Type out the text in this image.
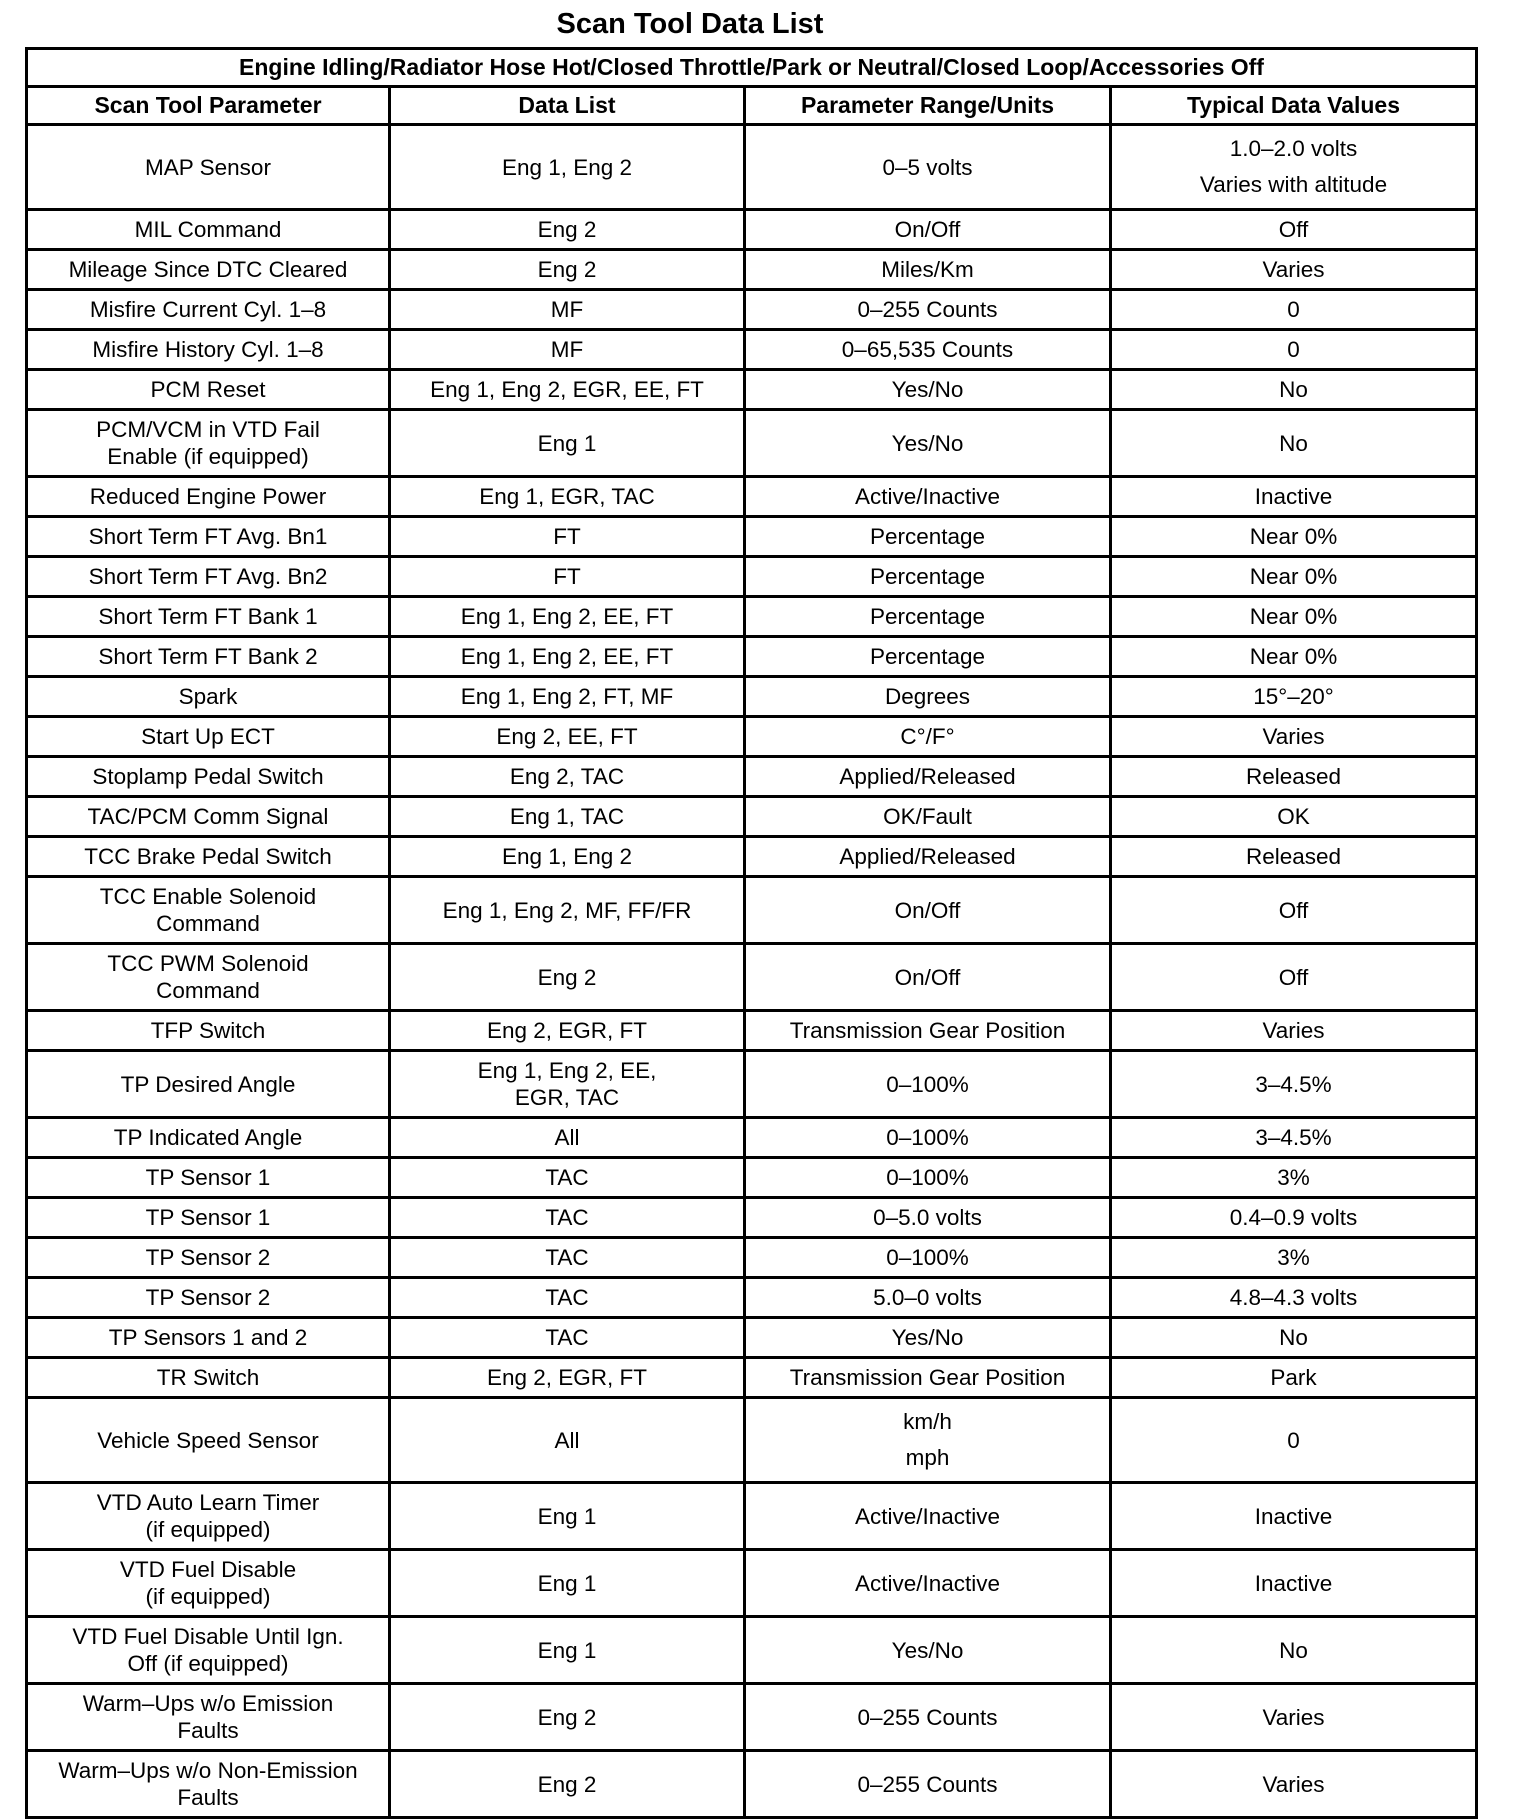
Scan Tool Data List
Engine Idling/Radiator Hose Hot/Closed Throttle/Park or Neutral/Closed Loop/Accessories Off			
Scan Tool Parameter	Data List	Parameter Range/Units	Typical Data Values
MAP Sensor	Eng 1, Eng 2	0–5 volts	1.0–2.0 volts
Varies with altitude
MIL Command	Eng 2	On/Off	Off
Mileage Since DTC Cleared	Eng 2	Miles/Km	Varies
Misfire Current Cyl. 1–8	MF	0–255 Counts	0
Misfire History Cyl. 1–8	MF	0–65,535 Counts	0
PCM Reset	Eng 1, Eng 2, EGR, EE, FT	Yes/No	No
PCM/VCM in VTD Fail
Enable (if equipped)	Eng 1	Yes/No	No
Reduced Engine Power	Eng 1, EGR, TAC	Active/Inactive	Inactive
Short Term FT Avg. Bn1	FT	Percentage	Near 0%
Short Term FT Avg. Bn2	FT	Percentage	Near 0%
Short Term FT Bank 1	Eng 1, Eng 2, EE, FT	Percentage	Near 0%
Short Term FT Bank 2	Eng 1, Eng 2, EE, FT	Percentage	Near 0%
Spark	Eng 1, Eng 2, FT, MF	Degrees	15°–20°
Start Up ECT	Eng 2, EE, FT	C°/F°	Varies
Stoplamp Pedal Switch	Eng 2, TAC	Applied/Released	Released
TAC/PCM Comm Signal	Eng 1, TAC	OK/Fault	OK
TCC Brake Pedal Switch	Eng 1, Eng 2	Applied/Released	Released
TCC Enable Solenoid
Command	Eng 1, Eng 2, MF, FF/FR	On/Off	Off
TCC PWM Solenoid
Command	Eng 2	On/Off	Off
TFP Switch	Eng 2, EGR, FT	Transmission Gear Position	Varies
TP Desired Angle	Eng 1, Eng 2, EE,
EGR, TAC	0–100%	3–4.5%
TP Indicated Angle	All	0–100%	3–4.5%
TP Sensor 1	TAC	0–100%	3%
TP Sensor 1	TAC	0–5.0 volts	0.4–0.9 volts
TP Sensor 2	TAC	0–100%	3%
TP Sensor 2	TAC	5.0–0 volts	4.8–4.3 volts
TP Sensors 1 and 2	TAC	Yes/No	No
TR Switch	Eng 2, EGR, FT	Transmission Gear Position	Park
Vehicle Speed Sensor	All	km/h
mph	0
VTD Auto Learn Timer
(if equipped)	Eng 1	Active/Inactive	Inactive
VTD Fuel Disable
(if equipped)	Eng 1	Active/Inactive	Inactive
VTD Fuel Disable Until Ign.
Off (if equipped)	Eng 1	Yes/No	No
Warm–Ups w/o Emission
Faults	Eng 2	0–255 Counts	Varies
Warm–Ups w/o Non-Emission
Faults	Eng 2	0–255 Counts	Varies
